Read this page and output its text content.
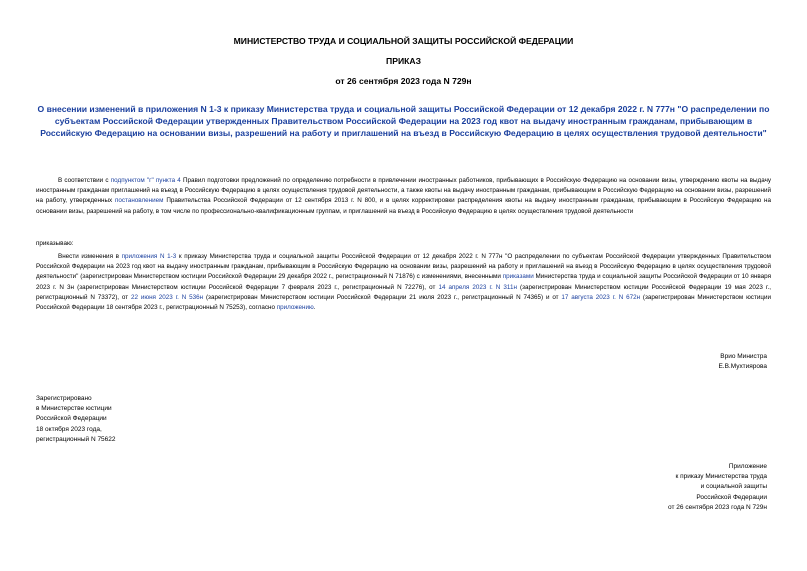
МИНИСТЕРСТВО ТРУДА И СОЦИАЛЬНОЙ ЗАЩИТЫ РОССИЙСКОЙ ФЕДЕРАЦИИ
ПРИКАЗ
от 26 сентября 2023 года N 729н
О внесении изменений в приложения N 1-3 к приказу Министерства труда и социальной защиты Российской Федерации от 12 декабря 2022 г. N 777н "О распределении по субъектам Российской Федерации утвержденных Правительством Российской Федерации на 2023 год квот на выдачу иностранным гражданам, прибывающим в Российскую Федерацию на основании визы, разрешений на работу и приглашений на въезд в Российскую Федерацию в целях осуществления трудовой деятельности"
В соответствии с подпунктом "г" пункта 4 Правил подготовки предложений по определению потребности в привлечении иностранных работников, прибывающих в Российскую Федерацию на основании визы, утверждению квоты на выдачу иностранным гражданам приглашений на въезд в Российскую Федерацию в целях осуществления трудовой деятельности, а также квоты на выдачу иностранным гражданам, прибывающим в Российскую Федерацию на основании визы, разрешений на работу, утвержденных постановлением Правительства Российской Федерации от 12 сентября 2013 г. N 800, и в целях корректировки распределения квоты на выдачу иностранным гражданам, прибывающим в Российскую Федерацию на основании визы, разрешений на работу, в том числе по профессионально-квалификационным группам, и приглашений на въезд в Российскую Федерацию в целях осуществления трудовой деятельности
приказываю:
Внести изменения в приложения N 1-3 к приказу Министерства труда и социальной защиты Российской Федерации от 12 декабря 2022 г. N 777н "О распределении по субъектам Российской Федерации утвержденных Правительством Российской Федерации на 2023 год квот на выдачу иностранным гражданам, прибывающим в Российскую Федерацию на основании визы, разрешений на работу и приглашений на въезд в Российскую Федерацию в целях осуществления трудовой деятельности" (зарегистрирован Министерством юстиции Российской Федерации 29 декабря 2022 г., регистрационный N 71876) с изменениями, внесенными приказами Министерства труда и социальной защиты Российской Федерации от 10 января 2023 г. N 3н (зарегистрирован Министерством юстиции Российской Федерации 7 февраля 2023 г., регистрационный N 72276), от 14 апреля 2023 г. N 311н (зарегистрирован Министерством юстиции Российской Федерации 19 мая 2023 г., регистрационный N 73372), от 22 июня 2023 г. N 536н (зарегистрирован Министерством юстиции Российской Федерации 21 июля 2023 г., регистрационный N 74365) и от 17 августа 2023 г. N 672н (зарегистрирован Министерством юстиции Российской Федерации 18 сентября 2023 г., регистрационный N 75253), согласно приложению.
Врио Министра
Е.В.Мухтиярова
Зарегистрировано
в Министерстве юстиции
Российской Федерации
18 октября 2023 года,
регистрационный N 75622
Приложение
к приказу Министерства труда
и социальной защиты
Российской Федерации
от 26 сентября 2023 года N 729н
